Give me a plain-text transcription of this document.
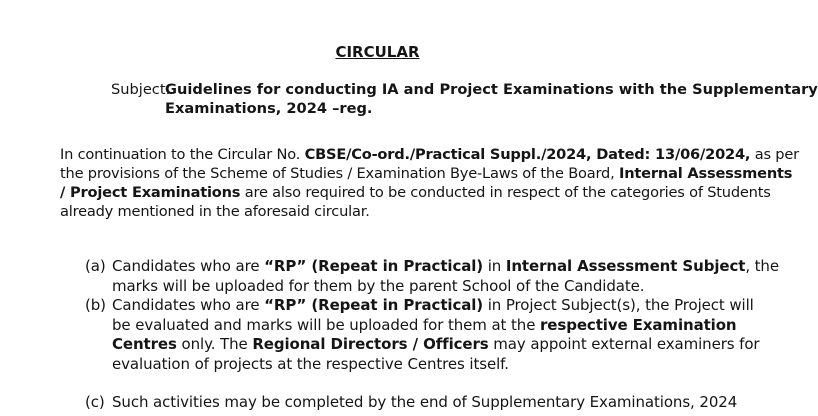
CIRCULAR
Subject:Guidelines for conducting IA and Project Examinations with the Supplementary
Examinations, 2024 –reg.
In continuation to the Circular No. CBSE/Co-ord./Practical Suppl./2024, Dated: 13/06/2024, as per
the provisions of the Scheme of Studies / Examination Bye-Laws of the Board, Internal Assessments
/ Project Examinations are also required to be conducted in respect of the categories of Students
already mentioned in the aforesaid circular.
(a) Candidates who are “RP” (Repeat in Practical) in Internal Assessment Subject, the
marks will be uploaded for them by the parent School of the Candidate.
(b) Candidates who are “RP” (Repeat in Practical) in Project Subject(s), the Project will
be evaluated and marks will be uploaded for them at the respective Examination
Centres only. The Regional Directors / Officers may appoint external examiners for
evaluation of projects at the respective Centres itself.
(c) Such activities may be completed by the end of Supplementary Examinations, 2024
